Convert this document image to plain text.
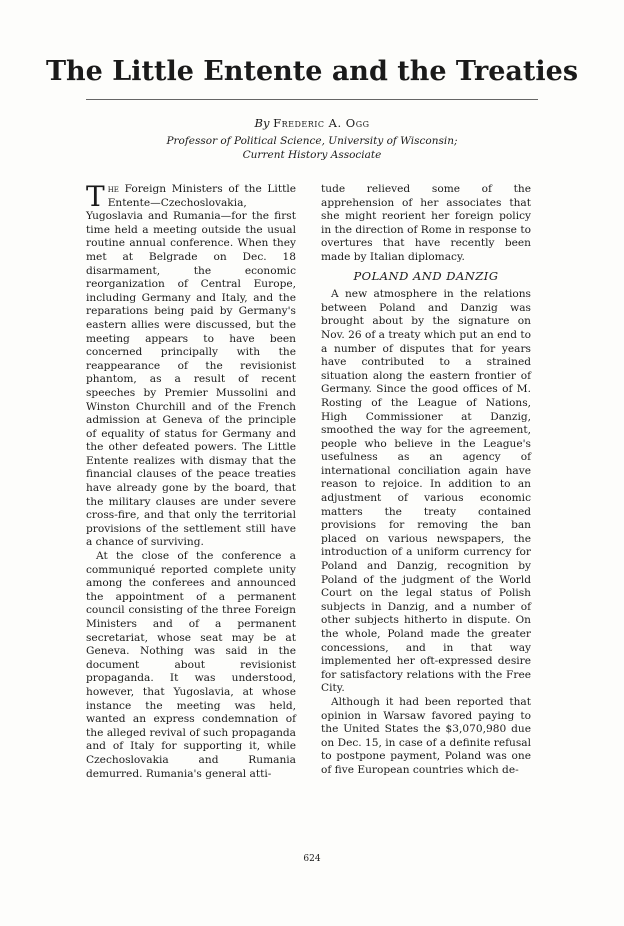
The Little Entente and the Treaties

By Frederic A. Ogg

Professor of Political Science, University of Wisconsin;
Current History Associate

The Foreign Ministers of the Little Entente—Czechoslovakia, Yugoslavia and Rumania—for the first time held a meeting outside the usual routine annual conference. When they met at Belgrade on Dec. 18 disarmament, the economic reorganization of Central Europe, including Germany and Italy, and the reparations being paid by Germany's eastern allies were discussed, but the meeting appears to have been concerned principally with the reappearance of the revisionist phantom, as a result of recent speeches by Premier Mussolini and Winston Churchill and of the French admission at Geneva of the principle of equality of status for Germany and the other defeated powers. The Little Entente realizes with dismay that the financial clauses of the peace treaties have already gone by the board, that the military clauses are under severe cross-fire, and that only the territorial provisions of the settlement still have a chance of surviving.

At the close of the conference a communiqué reported complete unity among the conferees and announced the appointment of a permanent council consisting of the three Foreign Ministers and of a permanent secretariat, whose seat may be at Geneva. Nothing was said in the document about revisionist propaganda. It was understood, however, that Yugoslavia, at whose instance the meeting was held, wanted an express condemnation of the alleged revival of such propaganda and of Italy for supporting it, while Czechoslovakia and Rumania demurred. Rumania's general atti-

tude relieved some of the apprehension of her associates that she might reorient her foreign policy in the direction of Rome in response to overtures that have recently been made by Italian diplomacy.

POLAND AND DANZIG

A new atmosphere in the relations between Poland and Danzig was brought about by the signature on Nov. 26 of a treaty which put an end to a number of disputes that for years have contributed to a strained situation along the eastern frontier of Germany. Since the good offices of M. Rosting of the League of Nations, High Commissioner at Danzig, smoothed the way for the agreement, people who believe in the League's usefulness as an agency of international conciliation again have reason to rejoice. In addition to an adjustment of various economic matters the treaty contained provisions for removing the ban placed on various newspapers, the introduction of a uniform currency for Poland and Danzig, recognition by Poland of the judgment of the World Court on the legal status of Polish subjects in Danzig, and a number of other subjects hitherto in dispute. On the whole, Poland made the greater concessions, and in that way implemented her oft-expressed desire for satisfactory relations with the Free City.

Although it had been reported that opinion in Warsaw favored paying to the United States the $3,070,980 due on Dec. 15, in case of a definite refusal to postpone payment, Poland was one of five European countries which de-

624
